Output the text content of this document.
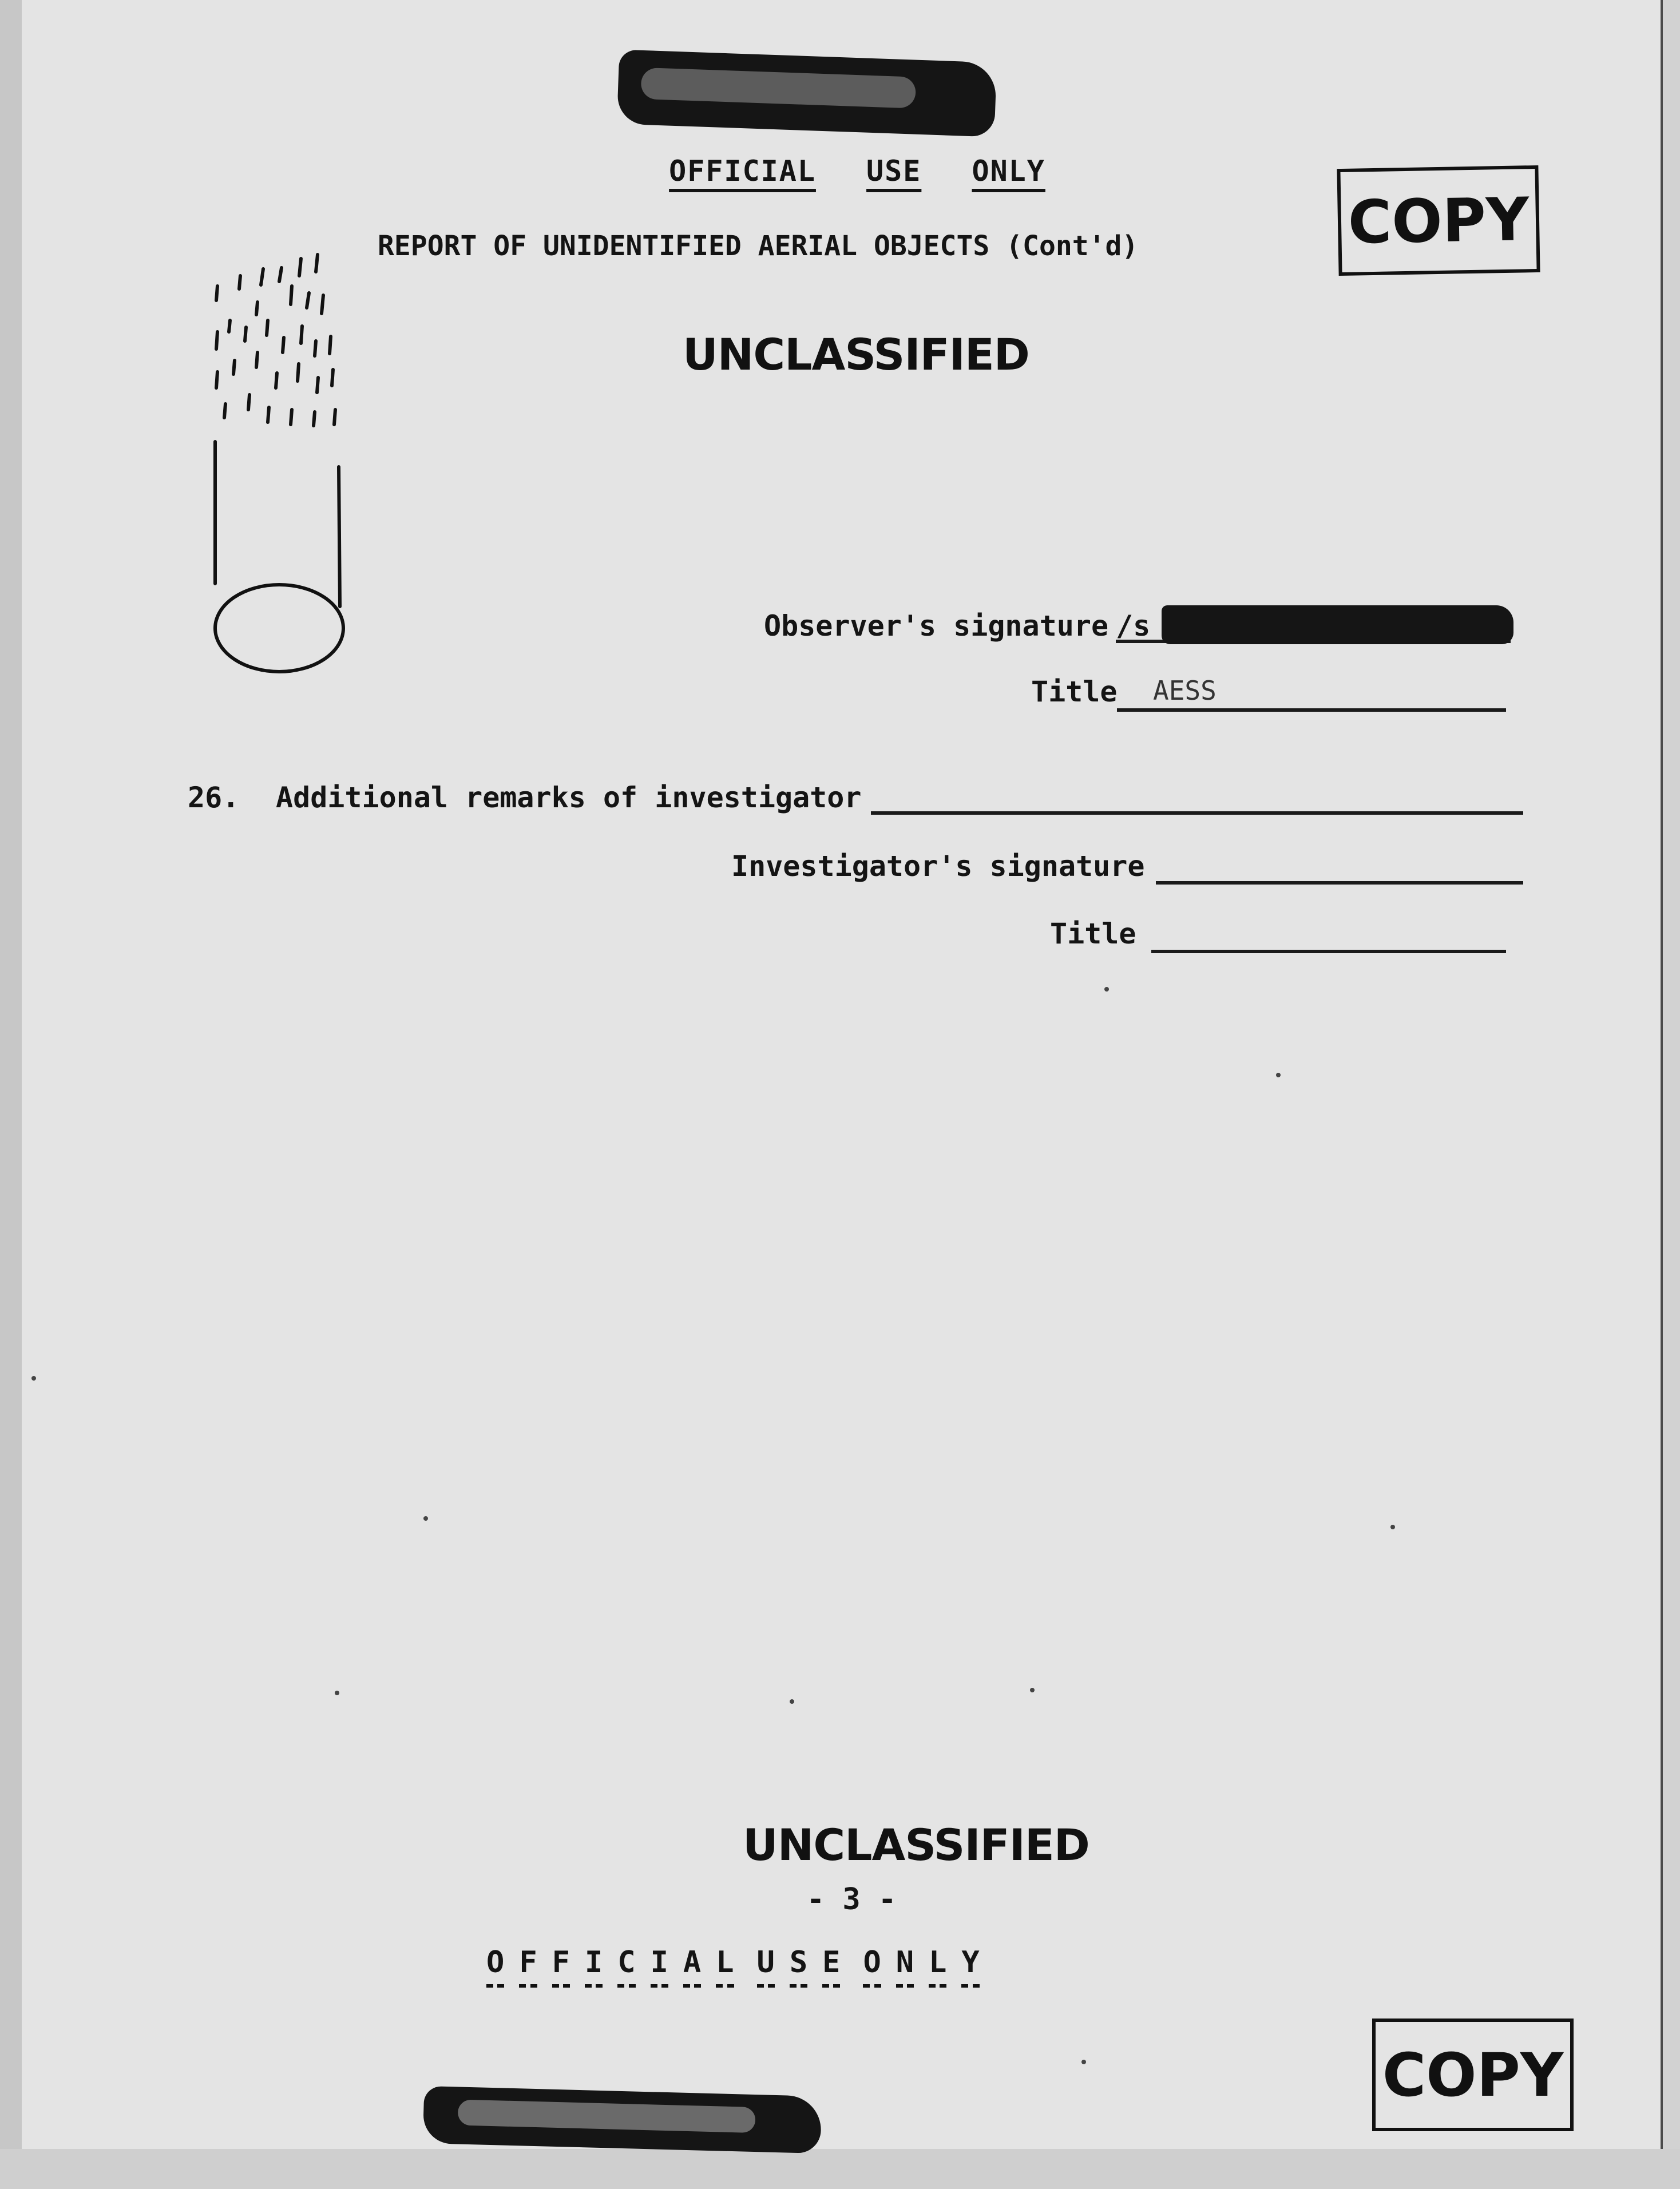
OFFICIAL USE ONLY
REPORT OF UNIDENTIFIED AERIAL OBJECTS (Cont'd)	COPY
UNCLASSIFIED
Observer's signature /s
Title AESS
26. Additional remarks of investigator
Investigator's signature
Title
UNCLASSIFIED
- 3 -
O F F I C I A L U S E O N L Y
COPY
